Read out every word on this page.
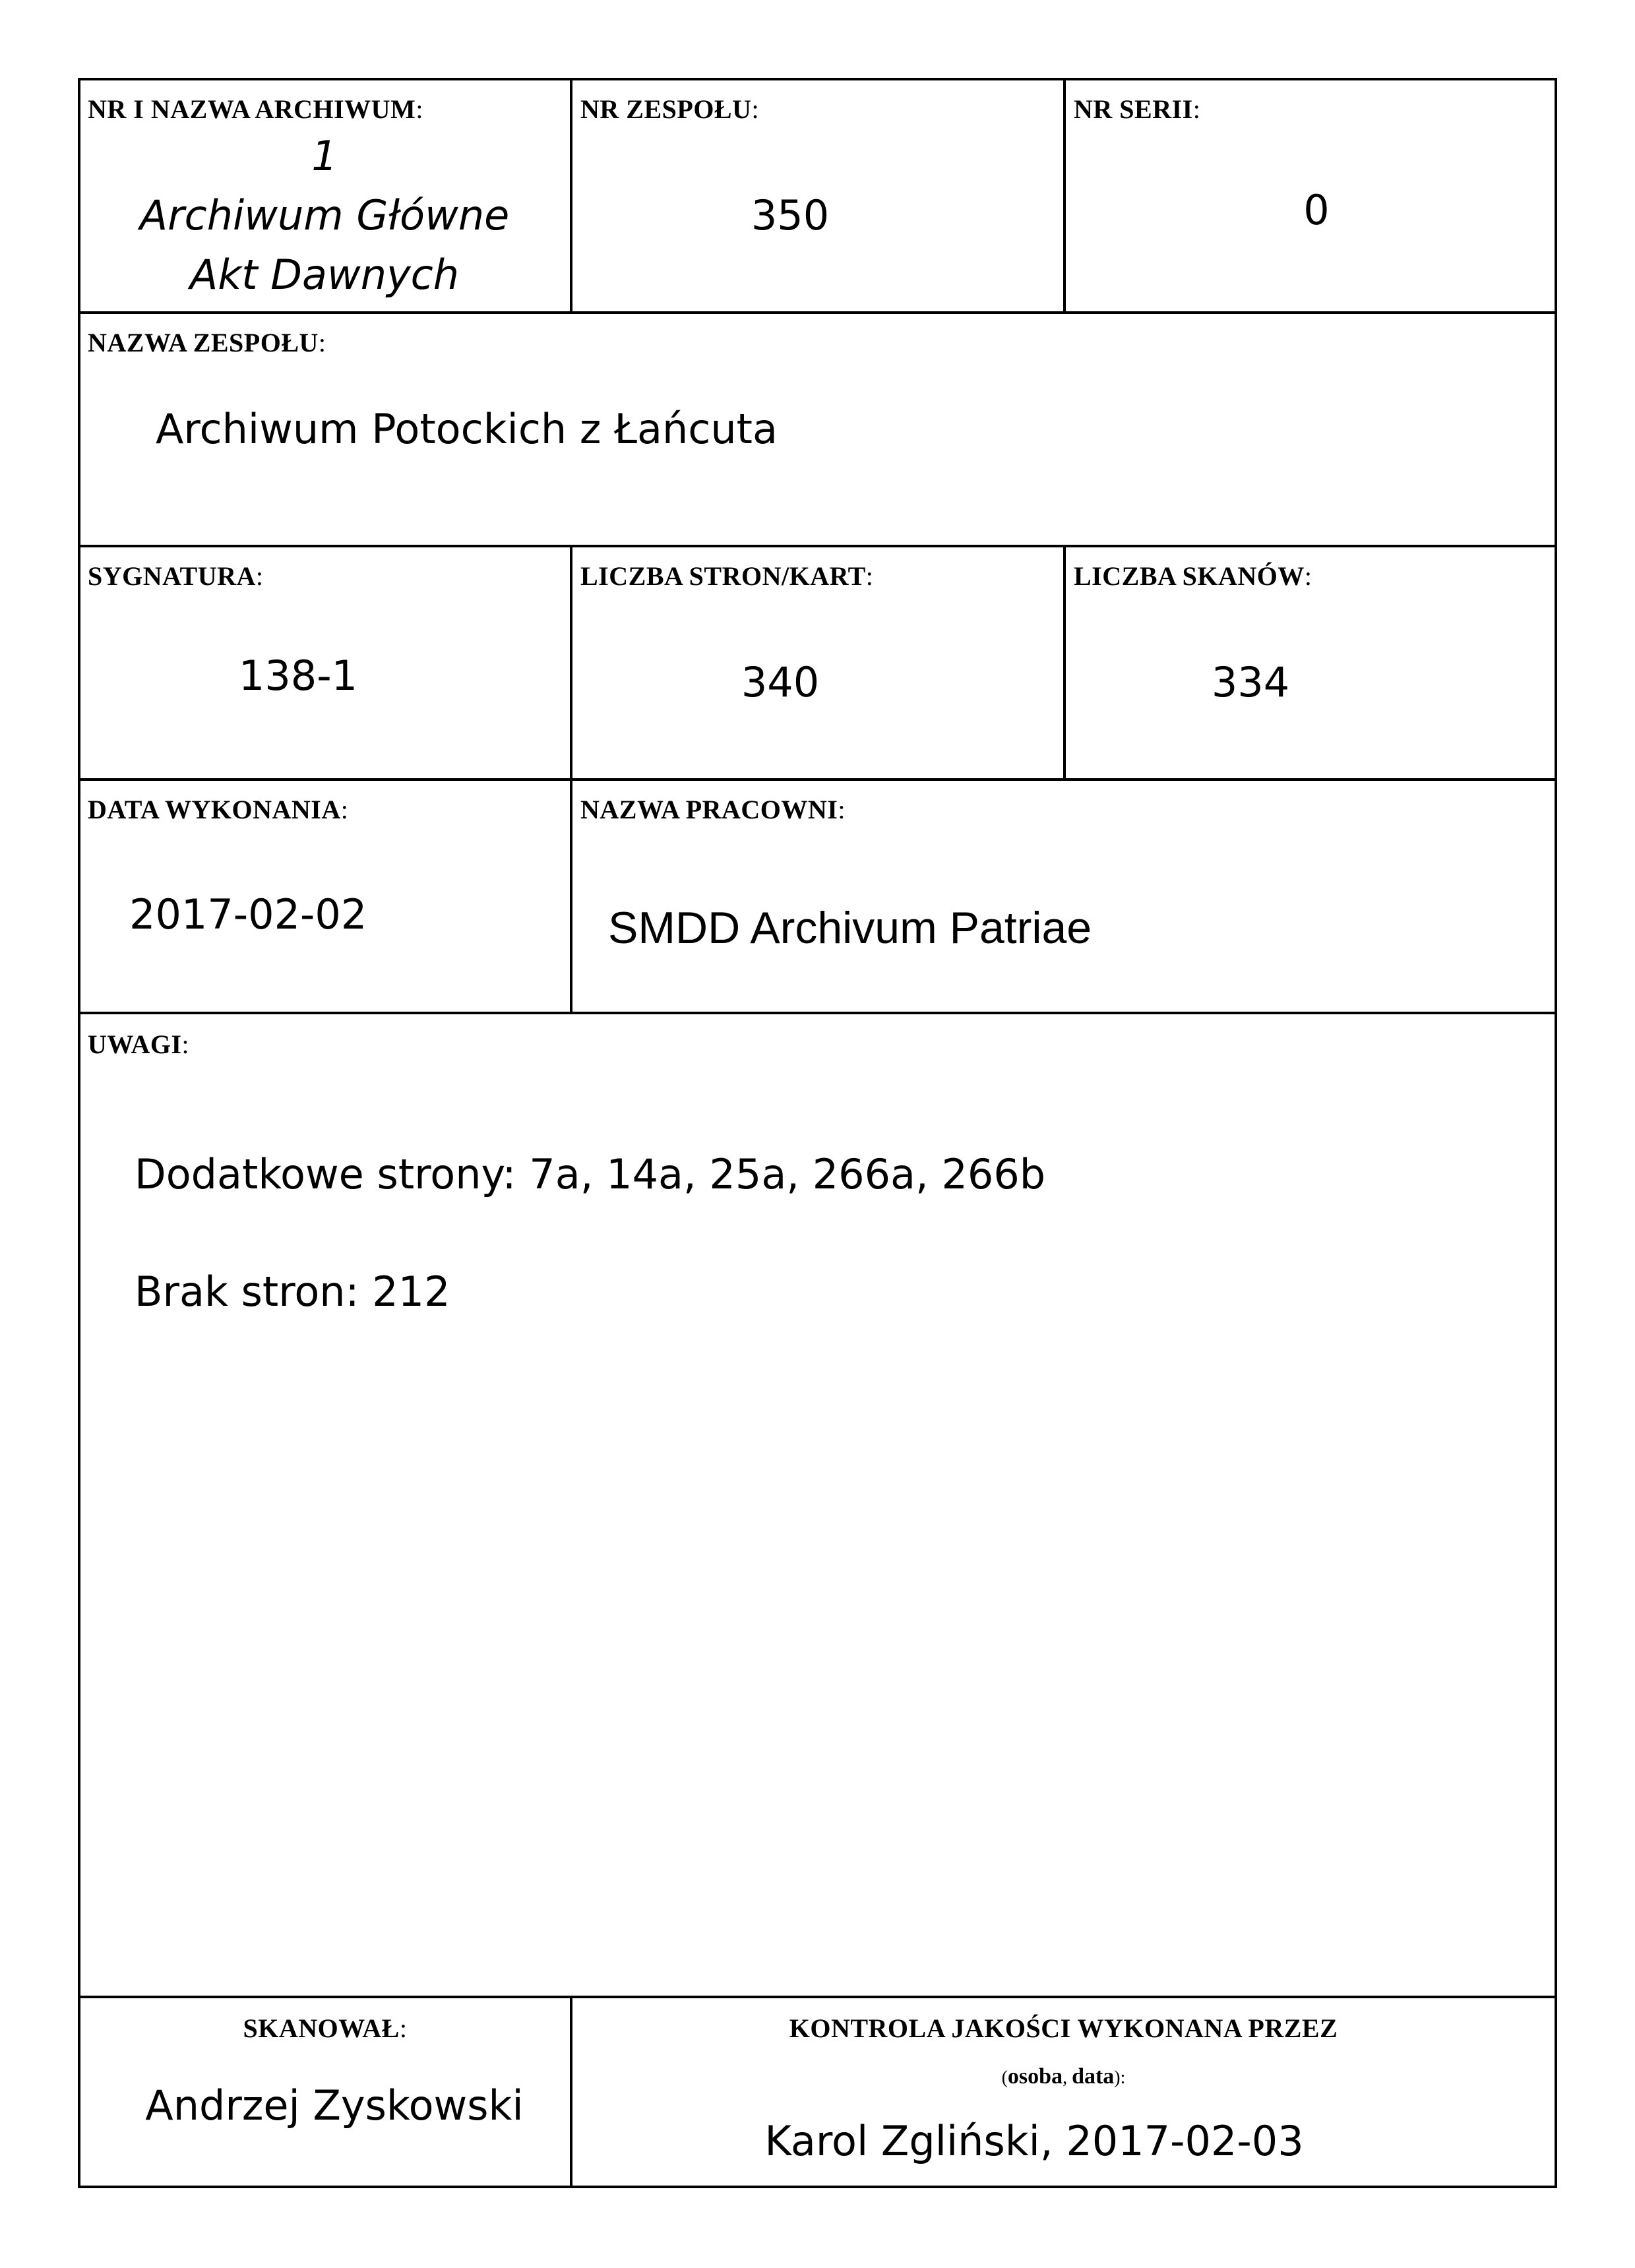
NR I NAZWA ARCHIWUM:
1
Archiwum Główne
Akt Dawnych
NR ZESPOŁU:
350
NR SERII:
0
NAZWA ZESPOŁU:
Archiwum Potockich z Łańcuta
SYGNATURA:
138-1
LICZBA STRON/KART:
340
LICZBA SKANÓW:
334
DATA WYKONANIA:
2017-02-02
NAZWA PRACOWNI:
SMDD Archivum Patriae
UWAGI:
Dodatkowe strony: 7a, 14a, 25a, 266a, 266b
Brak stron: 212
SKANOWAŁ:
Andrzej Zyskowski
KONTROLA JAKOŚCI WYKONANA PRZEZ
(osoba, data):
Karol Zgliński, 2017-02-03
